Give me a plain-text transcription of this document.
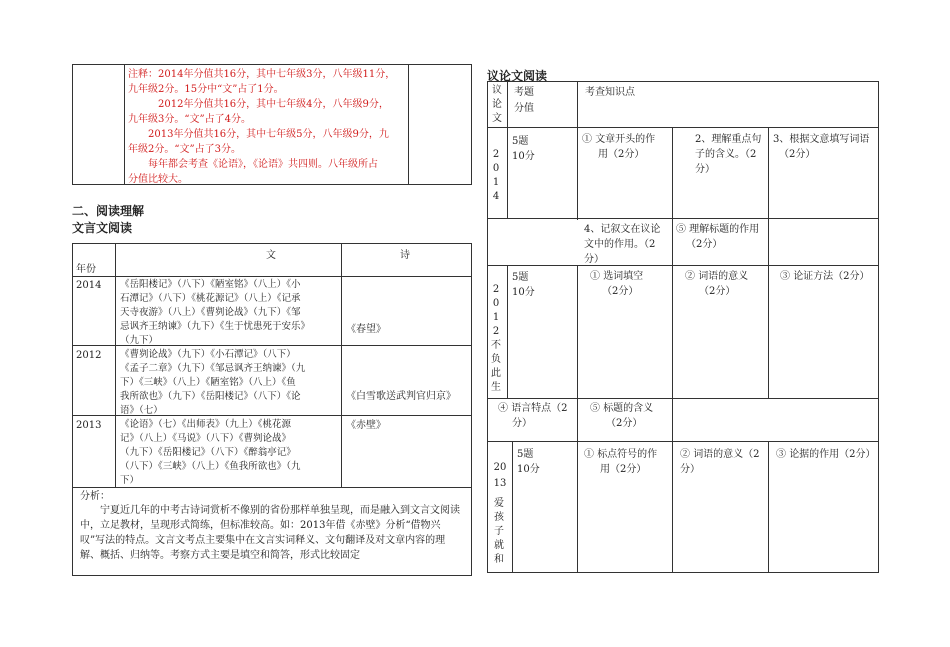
注释：2014年分值共16分，其中七年级3分，八年级11分，
九年级2分。15分中“文”占了1分。
2012年分值共16分，其中七年级4分，八年级9分，
九年级3分。“文”占了4分。
2013年分值共16分，其中七年级5分，八年级9分，九
年级2分。“文”占了3分。
每年都会考查《论语》，《论语》共四则。八年级所占
分值比较大。
二、阅读理解
文言文阅读
文	诗
年份
2014 《岳阳楼记》（八下）《陋室铭》（八上）《小
石潭记》（八下）《桃花源记》（八上）《记承
天寺夜游》（八上）《曹刿论战》（九下）《邹
忌讽齐王纳谏》（九下）《生于忧患死于安乐》
（九下）
《春望》
2012 《曹刿论战》（九下）《小石潭记》（八下）
《孟子二章》（九下）《邹忌讽齐王纳谏》（九
下）《三峡》（八上）《陋室铭》（八上）《鱼
我所欲也》（九下）《岳阳楼记》（八下）《论
语》（七）
《白雪歌送武判官归京》
2013 《论语》（七）《出师表》（九上）《桃花源
记》（八上）《马说》（八下）《曹刿论战》
（九下）《岳阳楼记》（八下）《醉翁亭记》
（八下）《三峡》（八上）《鱼我所欲也》（九
下）
《赤壁》
分析：
宁夏近几年的中考古诗词赏析不像别的省份那样单独呈现，而是融入到文言文阅读
中，立足教材，呈现形式简练，但标准较高。如：2013年借《赤壁》分析“借物兴
叹”写法的特点。文言文考点主要集中在文言实词释义、文句翻译及对文章内容的理
解、概括、归纳等。考察方式主要是填空和简答，形式比较固定
议论文阅读
议论文
考题
分值
考查知识点
2014
5题
10分
① 文章开头的作
用（2分）
2、理解重点句
子的含义。（2
分）
3、根据文意填写词语
（2分）
4、记叙文在议论
文中的作用。（2
分）
⑤ 理解标题的作用
（2分）
2012不负此生
5题
10分
① 选词填空
（2分）
② 词语的意义
（2分）
③ 论证方法（2分）
④ 语言特点（2
分）
⑤ 标题的含义
（2分）
2013
爱孩子就和
5题
10分
① 标点符号的作
用（2分）
② 词语的意义（2分）
③ 论据的作用（2分）
